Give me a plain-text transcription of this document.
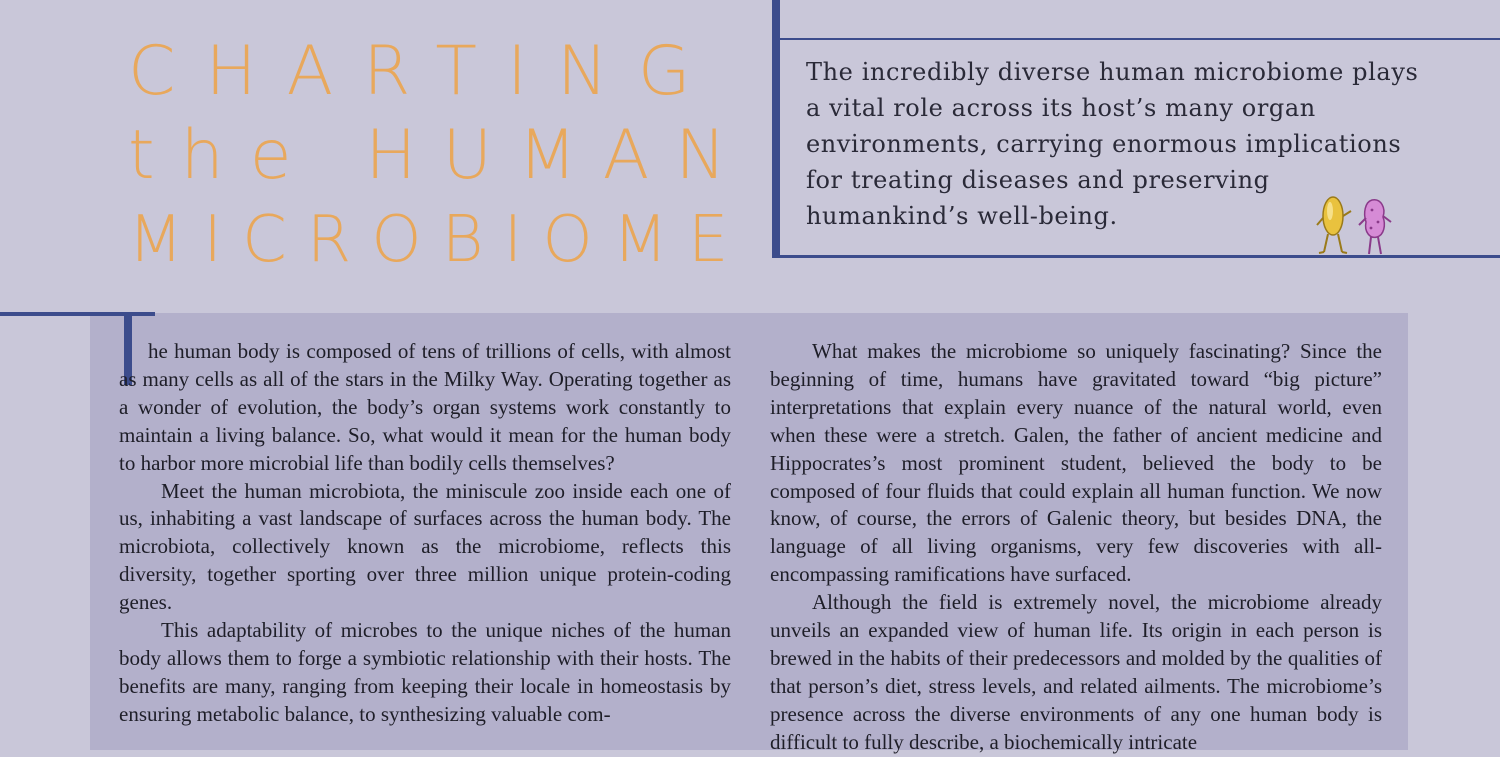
CHARTING
the HUMAN
MICROBIOME

The incredibly diverse human microbiome plays a vital role across its host’s many organ environments, carrying enormous implications for treating diseases and preserving humankind’s well-being.

he human body is composed of tens of trillions of cells, with almost as many cells as all of the stars in the Milky Way. Operating together as a wonder of evolution, the body’s organ systems work constantly to maintain a living balance. So, what would it mean for the human body to harbor more microbial life than bodily cells themselves?

Meet the human microbiota, the miniscule zoo inside each one of us, inhabiting a vast landscape of surfaces across the human body. The microbiota, collectively known as the microbiome, reflects this diversity, together sporting over three million unique protein-coding genes.

This adaptability of microbes to the unique niches of the human body allows them to forge a symbiotic relationship with their hosts. The benefits are many, ranging from keeping their locale in homeostasis by ensuring metabolic balance, to synthesizing valuable com-

What makes the microbiome so uniquely fascinating? Since the beginning of time, humans have gravitated toward “big picture” interpretations that explain every nuance of the natural world, even when these were a stretch. Galen, the father of ancient medicine and Hippocrates’s most prominent student, believed the body to be composed of four fluids that could explain all human function. We now know, of course, the errors of Galenic theory, but besides DNA, the language of all living organisms, very few discoveries with all-encompassing ramifications have surfaced.

Although the field is extremely novel, the microbiome already unveils an expanded view of human life. Its origin in each person is brewed in the habits of their predecessors and molded by the qualities of that person’s diet, stress levels, and related ailments. The microbiome’s presence across the diverse environments of any one human body is difficult to fully describe, a biochemically intricate
